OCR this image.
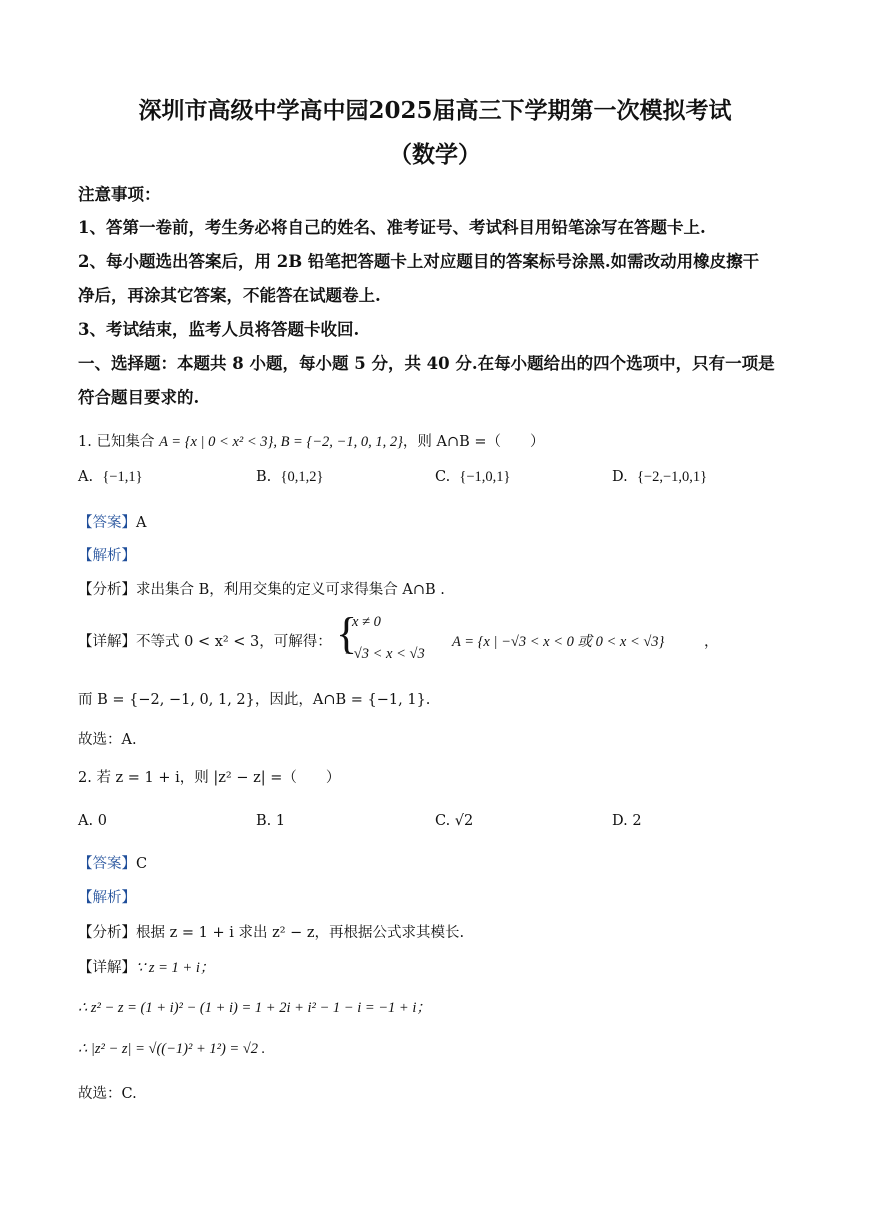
深圳市高级中学高中园2025届高三下学期第一次模拟考试
（数学）
注意事项：
1、答第一卷前，考生务必将自己的姓名、准考证号、考试科目用铅笔涂写在答题卡上.
2、每小题选出答案后，用 2B 铅笔把答题卡上对应题目的答案标号涂黑.如需改动用橡皮擦干
净后，再涂其它答案，不能答在试题卷上.
3、考试结束，监考人员将答题卡收回.
一、选择题：本题共 8 小题，每小题 5 分，共 40 分.在每小题给出的四个选项中，只有一项是
符合题目要求的.
1. 已知集合 A = {x | 0 < x² < 3}, B = {−2, −1, 0, 1, 2}，则 A∩B =（　　）
A. {−1,1}	B. {0,1,2}	C. {−1,0,1}	D. {−2,−1,0,1}
【答案】A
【解析】
【分析】求出集合 B，利用交集的定义可求得集合 A∩B .
【详解】不等式 0 < x² < 3，可解得： {
x ≠ 0
−√3 < x < √3
A = {x | −√3 < x < 0 或 0 < x < √3}	，
而 B = {−2, −1, 0, 1, 2}，因此，A∩B = {−1, 1}.
故选：A.
2. 若 z = 1 + i，则 |z² − z| =（　　）
A. 0	B. 1	C. √2	D. 2
【答案】C
【解析】
【分析】根据 z = 1 + i 求出 z² − z，再根据公式求其模长.
【详解】∵ z = 1 + i；
∴ z² − z = (1 + i)² − (1 + i) = 1 + 2i + i² − 1 − i = −1 + i；
∴ |z² − z| = √((−1)² + 1²) = √2 .
故选：C.
